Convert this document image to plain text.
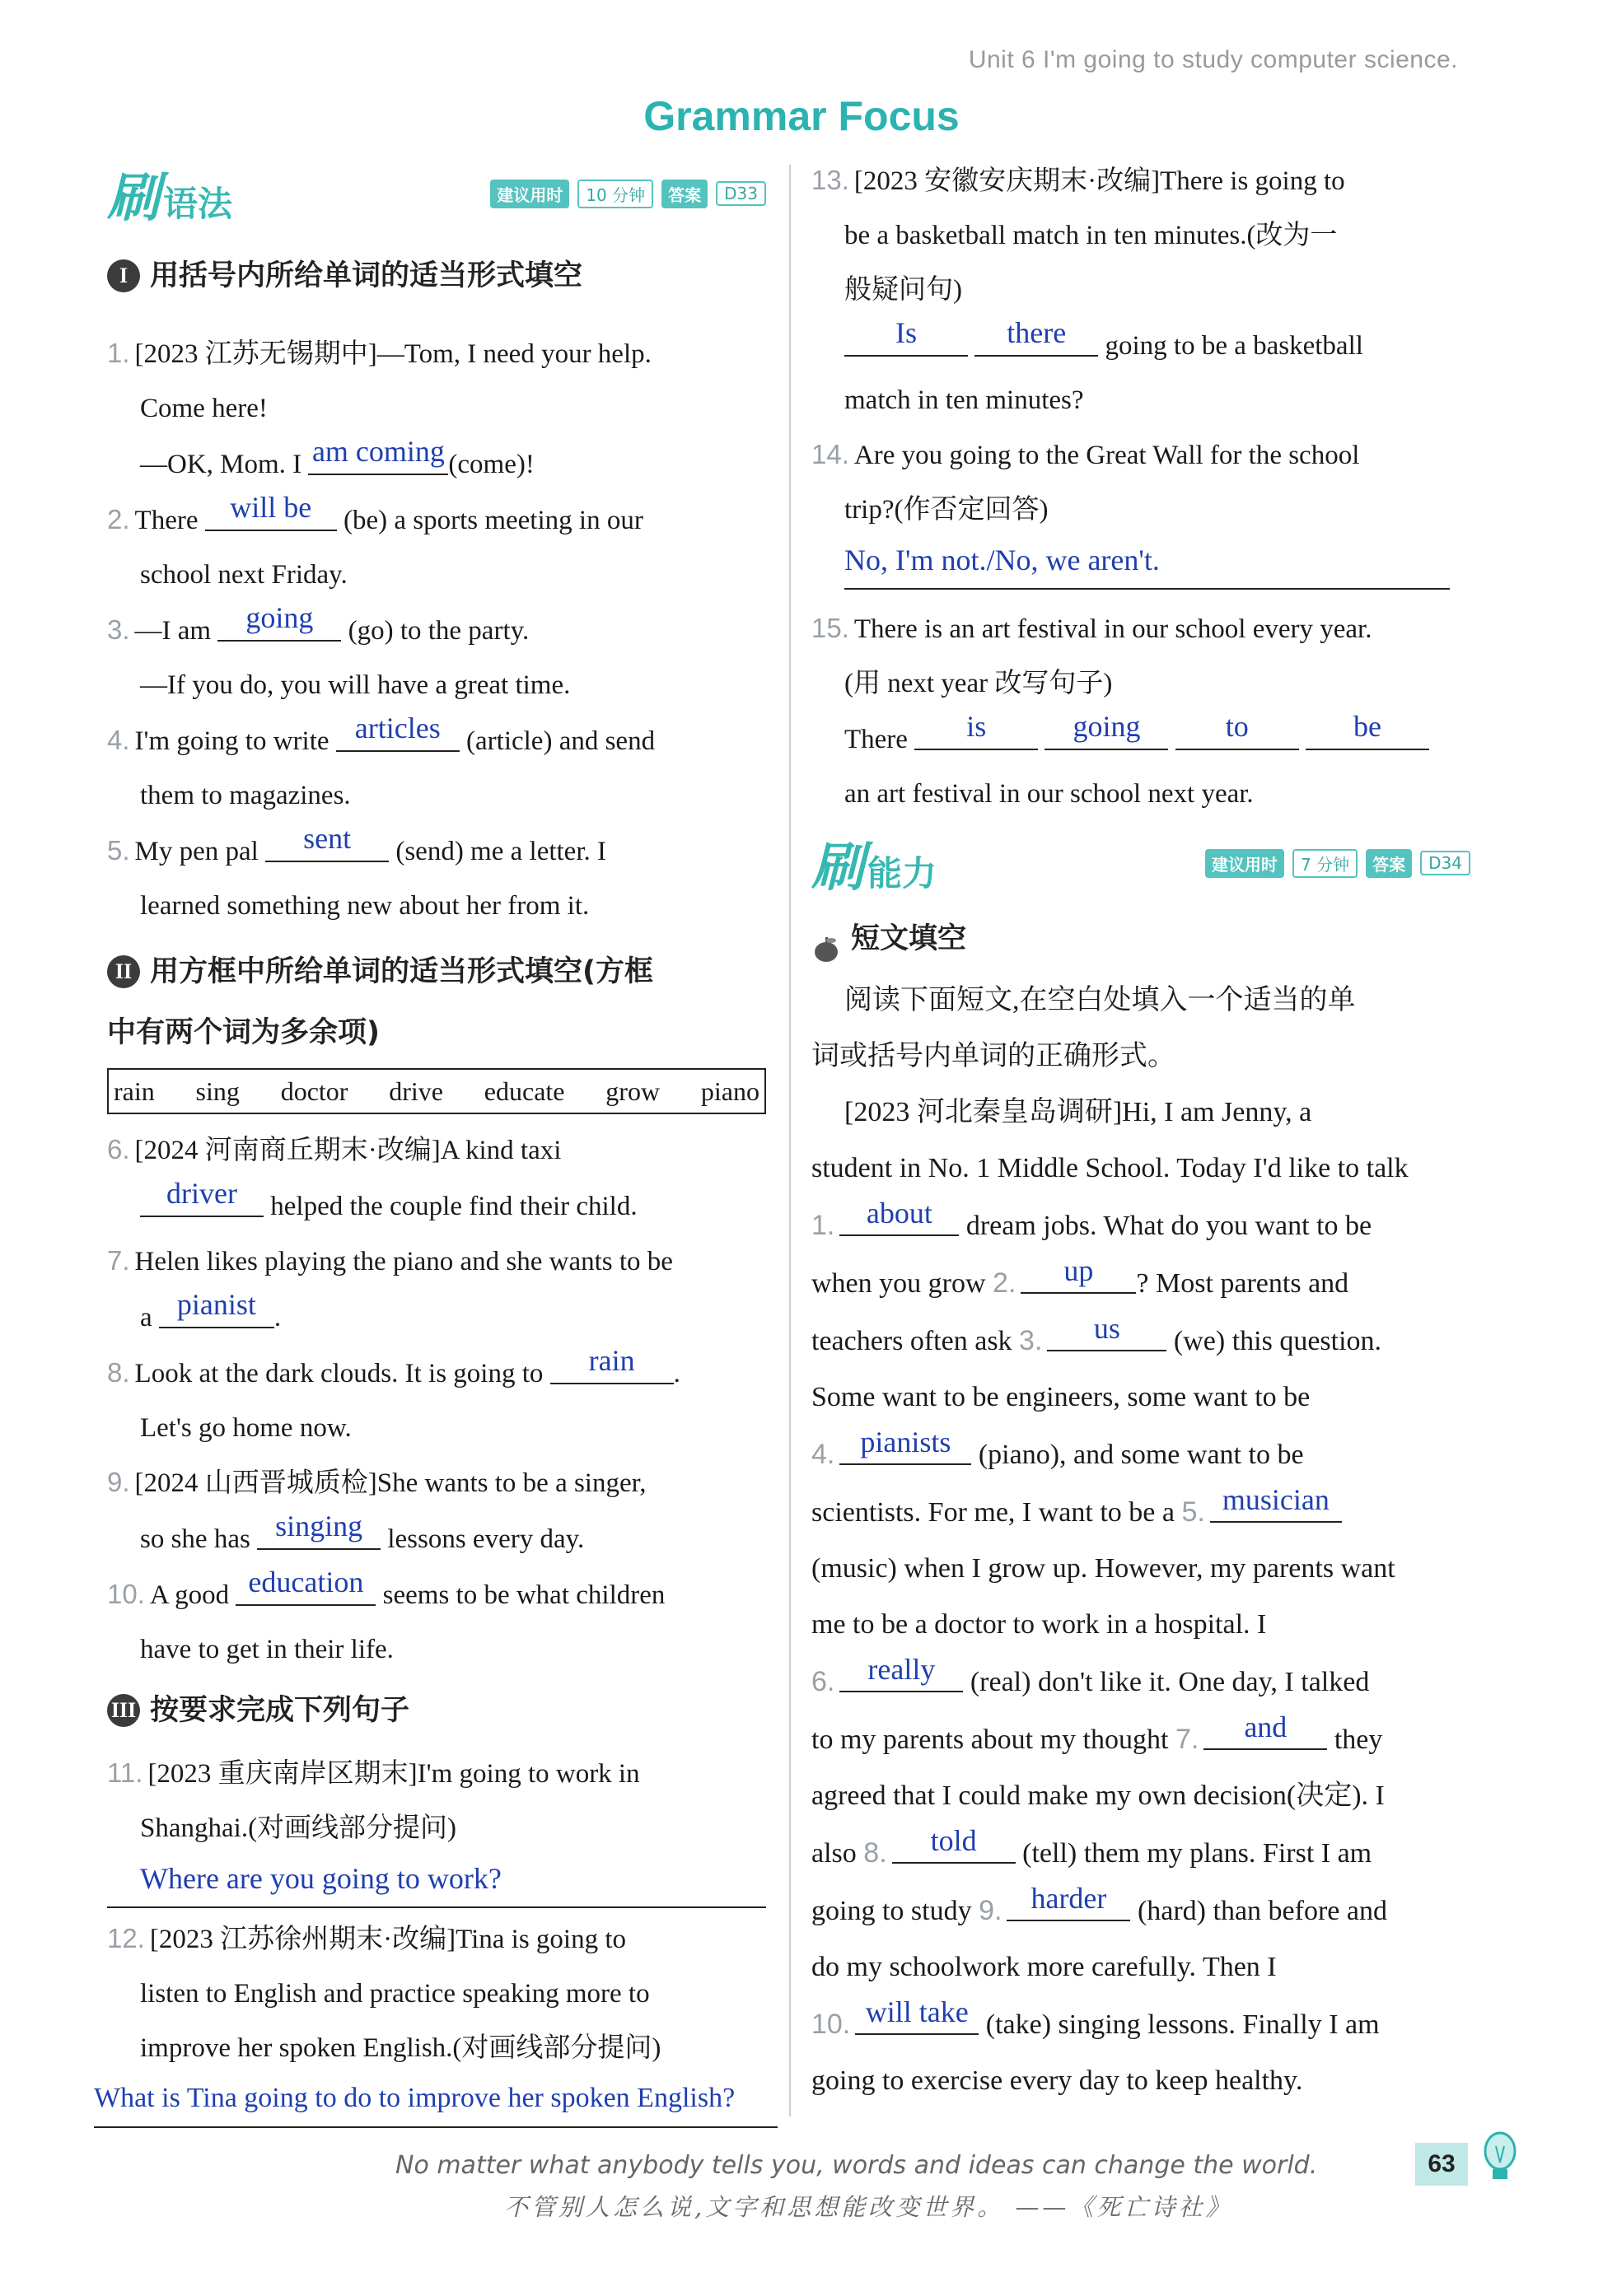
Unit 6 I'm going to study computer science.
Grammar Focus
刷 语法	建议用时	10 分钟	答案	D33
I 用括号内所给单词的适当形式填空
1. [2023 江苏无锡期中]—Tom, I need your help.
Come here!
—OK, Mom. I am coming (come)!
2. There will be (be) a sports meeting in our
school next Friday.
3. —I am going (go) to the party.
—If you do, you will have a great time.
4. I'm going to write articles (article) and send
them to magazines.
5. My pen pal sent (send) me a letter. I
learned something new about her from it.
II 用方框中所给单词的适当形式填空(方框
中有两个词为多余项)
rain sing doctor drive educate grow piano
6. [2024 河南商丘期末·改编]A kind taxi
driver helped the couple find their child.
7. Helen likes playing the piano and she wants to be
a pianist .
8. Look at the dark clouds. It is going to rain .
Let's go home now.
9. [2024 山西晋城质检]She wants to be a singer,
so she has singing lessons every day.
10. A good education seems to be what children
have to get in their life.
III 按要求完成下列句子
11. [2023 重庆南岸区期末]I'm going to work in
Shanghai.(对画线部分提问)
Where are you going to work?
12. [2023 江苏徐州期末·改编]Tina is going to
listen to English and practice speaking more to
improve her spoken English.(对画线部分提问)
What is Tina going to do to improve her spoken English?
13. [2023 安徽安庆期末·改编]There is going to
be a basketball match in ten minutes.(改为一
般疑问句)
Is	there going to be a basketball
match in ten minutes?
14. Are you going to the Great Wall for the school
trip?(作否定回答)
No, I'm not./No, we aren't.
15. There is an art festival in our school every year.
(用 next year 改写句子)
There is	going	to	be
an art festival in our school next year.
刷 能力	建议用时	7 分钟	答案	D34
短文填空
阅读下面短文,在空白处填入一个适当的单
词或括号内单词的正确形式。
[2023 河北秦皇岛调研]Hi, I am Jenny, a
student in No. 1 Middle School. Today I'd like to talk
1. about dream jobs. What do you want to be
when you grow 2. up ? Most parents and
teachers often ask 3. us (we) this question.
Some want to be engineers, some want to be
4. pianists (piano), and some want to be
scientists. For me, I want to be a 5. musician
(music) when I grow up. However, my parents want
me to be a doctor to work in a hospital. I
6. really (real) don't like it. One day, I talked
to my parents about my thought 7. and they
agreed that I could make my own decision(决定). I
also 8. told (tell) them my plans. First I am
going to study 9. harder (hard) than before and
do my schoolwork more carefully. Then I
10. will take (take) singing lessons. Finally I am
going to exercise every day to keep healthy.
No matter what anybody tells you, words and ideas can change the world.
不管别人怎么说,文字和思想能改变世界。 ——《死亡诗社》
63
